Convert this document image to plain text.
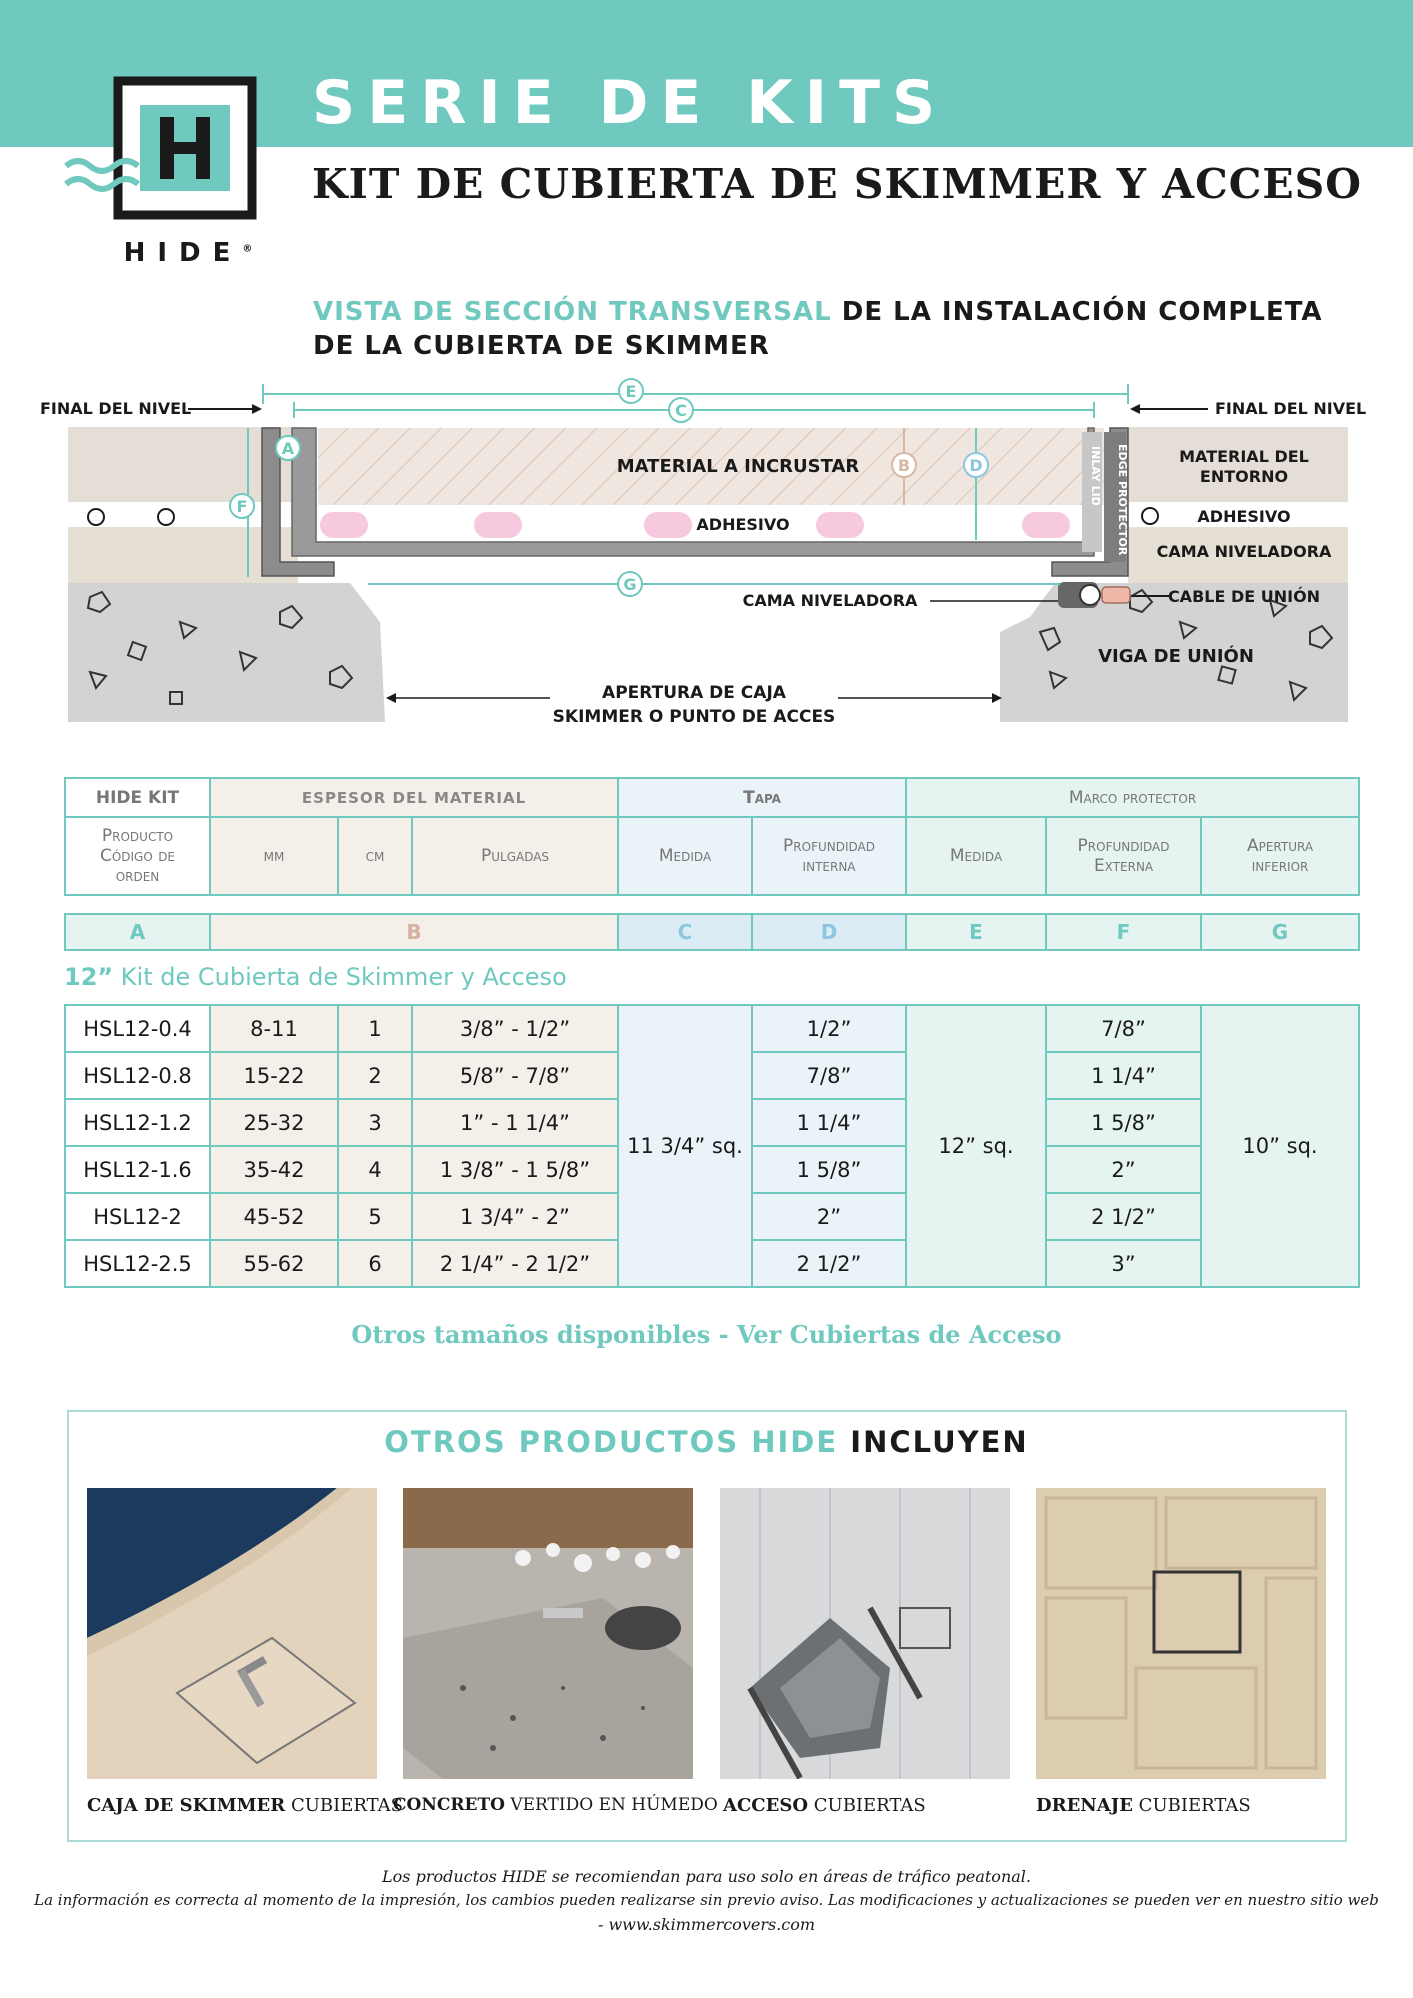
HIDE®
SERIE DE KITS
KIT DE CUBIERTA DE SKIMMER Y ACCESO
VISTA DE SECCIÓN TRANSVERSAL DE LA INSTALACIÓN COMPLETA DE LA CUBIERTA DE SKIMMER
EDGE PROTECTOR
INLAY LID
E
C
A
B	D
F
G
FINAL DEL NIVEL	FINAL DEL NIVEL
MATERIAL A INCRUSTAR
ADHESIVO
MATERIAL DEL
ENTORNO
ADHESIVO
CAMA NIVELADORA
CABLE DE UNIÓN
CAMA NIVELADORA
VIGA DE UNIÓN
APERTURA DE CAJA
SKIMMER O PUNTO DE ACCES
HIDE KIT	ESPESOR DEL MATERIAL			Tapa		Marco protector		
Producto Código de orden	mm	cm	Pulgadas	Medida	Profundidad interna	Medida	Profundidad Externa	Apertura inferior
A	B	C	D	E	F	G
12” Kit de Cubierta de Skimmer y Acceso
HSL12-0.4	8-11	1	3/8” - 1/2”	11 3/4” sq.	1/2”	12” sq.	7/8”	10” sq.
HSL12-0.8	15-22	2	5/8” - 7/8”		7/8”		1 1/4”	
HSL12-1.2	25-32	3	1” - 1 1/4”		1 1/4”		1 5/8”	
HSL12-1.6	35-42	4	1 3/8” - 1 5/8”		1 5/8”		2”	
HSL12-2	45-52	5	1 3/4” - 2”		2”		2 1/2”	
HSL12-2.5	55-62	6	2 1/4” - 2 1/2”		2 1/2”		3”	
Otros tamaños disponibles - Ver Cubiertas de Acceso
OTROS PRODUCTOS HIDE INCLUYEN
CAJA DE SKIMMER CUBIERTAS
CONCRETO VERTIDO EN HÚMEDO ACCESO CUBIERTAS	DRENAJE CUBIERTAS
Los productos HIDE se recomiendan para uso solo en áreas de tráfico peatonal.
La información es correcta al momento de la impresión, los cambios pueden realizarse sin previo aviso. Las modificaciones y actualizaciones se pueden ver en nuestro sitio web
- www.skimmercovers.com
